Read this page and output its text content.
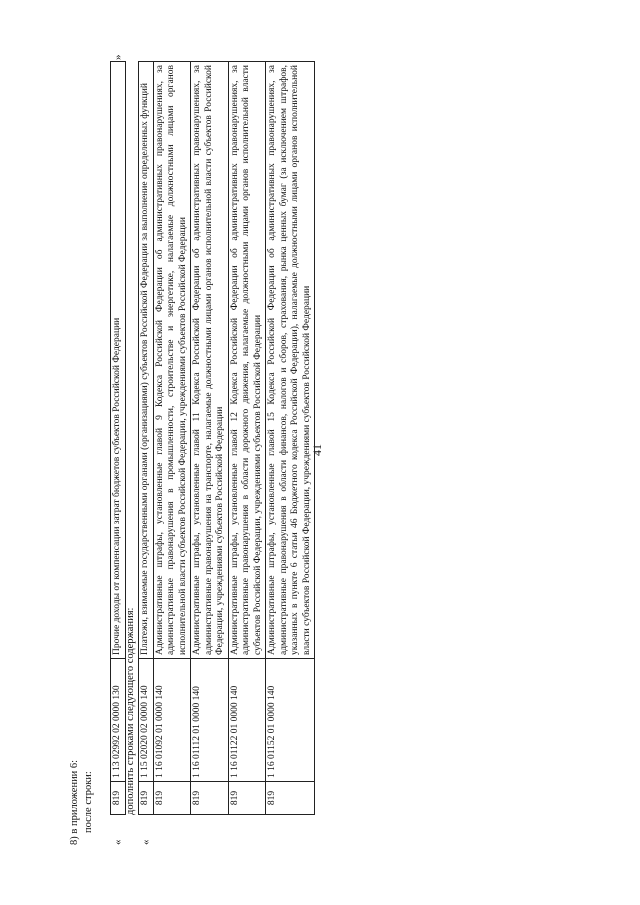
41

8) в приложении 6: после строки:

«
819	1 13 02992 02 0000 130	Прочие доходы от компенсации затрат бюджетов субъектов Российской Федерации
»

дополнить строками следующего содержания:

«
819	1 15 02020 02 0000 140	Платежи, взимаемые государственными органами (организациями) субъектов Российской Федерации за выполнение определенных функций
819	1 16 01092 01 0000 140	Административные штрафы, установленные главой 9 Кодекса Российской Федерации об административных правонарушениях, за административные правонарушения в промышленности, строительстве и энергетике, налагаемые должностными лицами органов исполнительной власти субъектов Российской Федерации, учреждениями субъектов Российской Федерации
819	1 16 01112 01 0000 140	Административные штрафы, установленные главой 11 Кодекса Российской Федерации об административных правонарушениях, за административные правонарушения на транспорте, налагаемые должностными лицами органов исполнительной власти субъектов Российской Федерации, учреждениями субъектов Российской Федерации
819	1 16 01122 01 0000 140	Административные штрафы, установленные главой 12 Кодекса Российской Федерации об административных правонарушениях, за административные правонарушения в области дорожного движения, налагаемые должностными лицами органов исполнительной власти субъектов Российской Федерации, учреждениями субъектов Российской Федерации
819	1 16 01152 01 0000 140	Административные штрафы, установленные главой 15 Кодекса Российской Федерации об административных правонарушениях, за административные правонарушения в области финансов, налогов и сборов, страхования, рынка ценных бумаг (за исключением штрафов, указанных в пункте 6 статьи 46 Бюджетного кодекса Российской Федерации), налагаемые должностными лицами органов исполнительной власти субъектов Российской Федерации, учреждениями субъектов Российской Федерации
